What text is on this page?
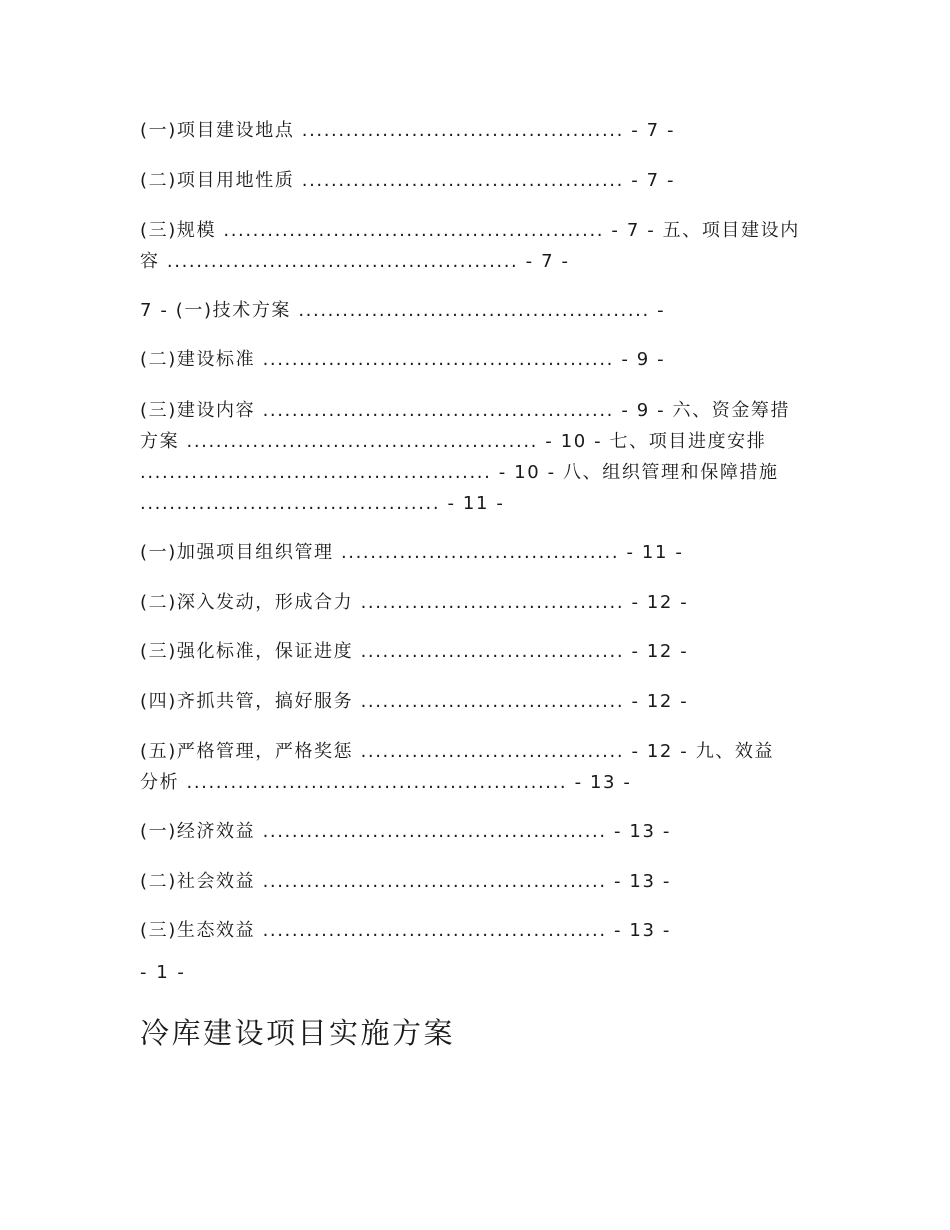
(一)项目建设地点 ............................................ - 7 -
(二)项目用地性质 ............................................ - 7 -
(三)规模 .................................................... - 7 - 五、项目建设内
容 ................................................ - 7 -
7 - (一)技术方案 ................................................ -
(二)建设标准 ................................................ - 9 -
(三)建设内容 ................................................ - 9 - 六、资金筹措
方案 ................................................ - 10 - 七、项目进度安排
................................................ - 10 - 八、组织管理和保障措施
......................................... - 11 -
(一)加强项目组织管理 ...................................... - 11 -
(二)深入发动，形成合力 .................................... - 12 -
(三)强化标准，保证进度 .................................... - 12 -
(四)齐抓共管，搞好服务 .................................... - 12 -
(五)严格管理，严格奖惩 .................................... - 12 - 九、效益
分析 .................................................... - 13 -
(一)经济效益 ............................................... - 13 -
(二)社会效益 ............................................... - 13 -
(三)生态效益 ............................................... - 13 -
- 1 -
冷库建设项目实施方案
